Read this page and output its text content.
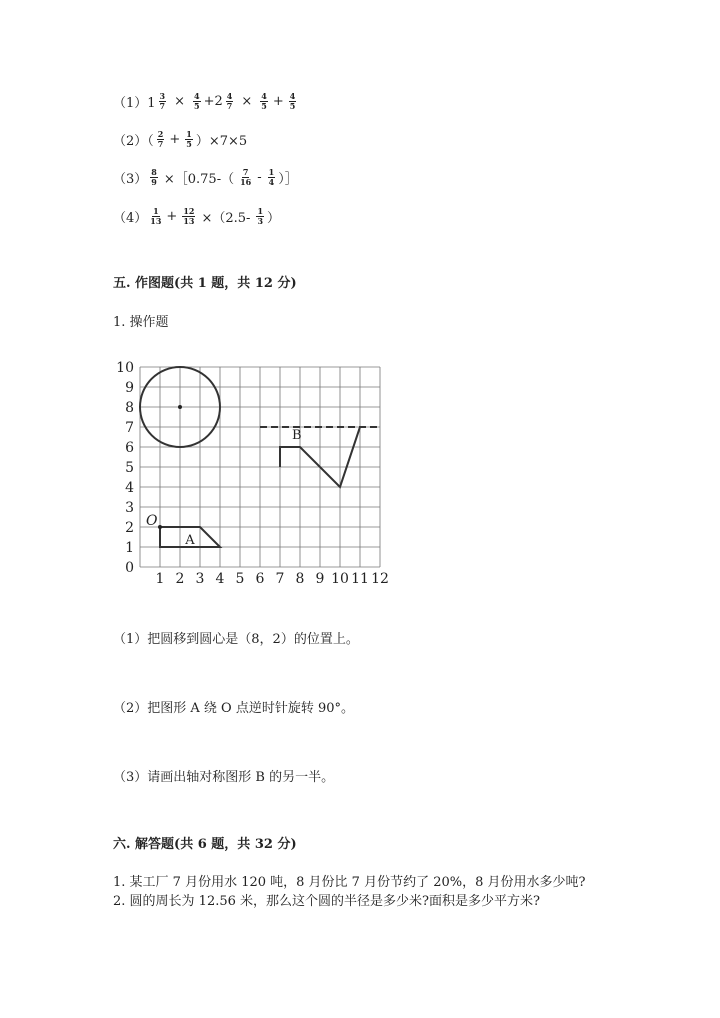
$(1)1 \frac{3}{7} \times \frac{4}{5} +2 \frac{4}{7} \times \frac{4}{5} + \frac{4}{5}$
$(2)( \frac{2}{7} + \frac{1}{5} )\times 7\times 5$
$(3) \frac{8}{9}$ ×［0.75-（ $\frac{7}{16} - \frac{1}{4}$ ）］
$(4) \frac{1}{13} + \frac{12}{13} \times(2.5- \frac{1}{3}$ ）
五. 作图题(共 1 题，共 12 分)
1. 操作题
1 2 3 4 5 6 7 8 9 10 11 12
0
1
2
3
4
5
6
7
8
9
10
O
A
B
（1）把圆移到圆心是（8，2）的位置上。
（2）把图形 A 绕 O 点逆时针旋转 90°。
（3）请画出轴对称图形 B 的另一半。
六. 解答题(共 6 题，共 32 分)
1. 某工厂 7 月份用水 120 吨，8 月份比 7 月份节约了 20%，8 月份用水多少吨?
2. 圆的周长为 12.56 米，那么这个圆的半径是多少米?面积是多少平方米?
